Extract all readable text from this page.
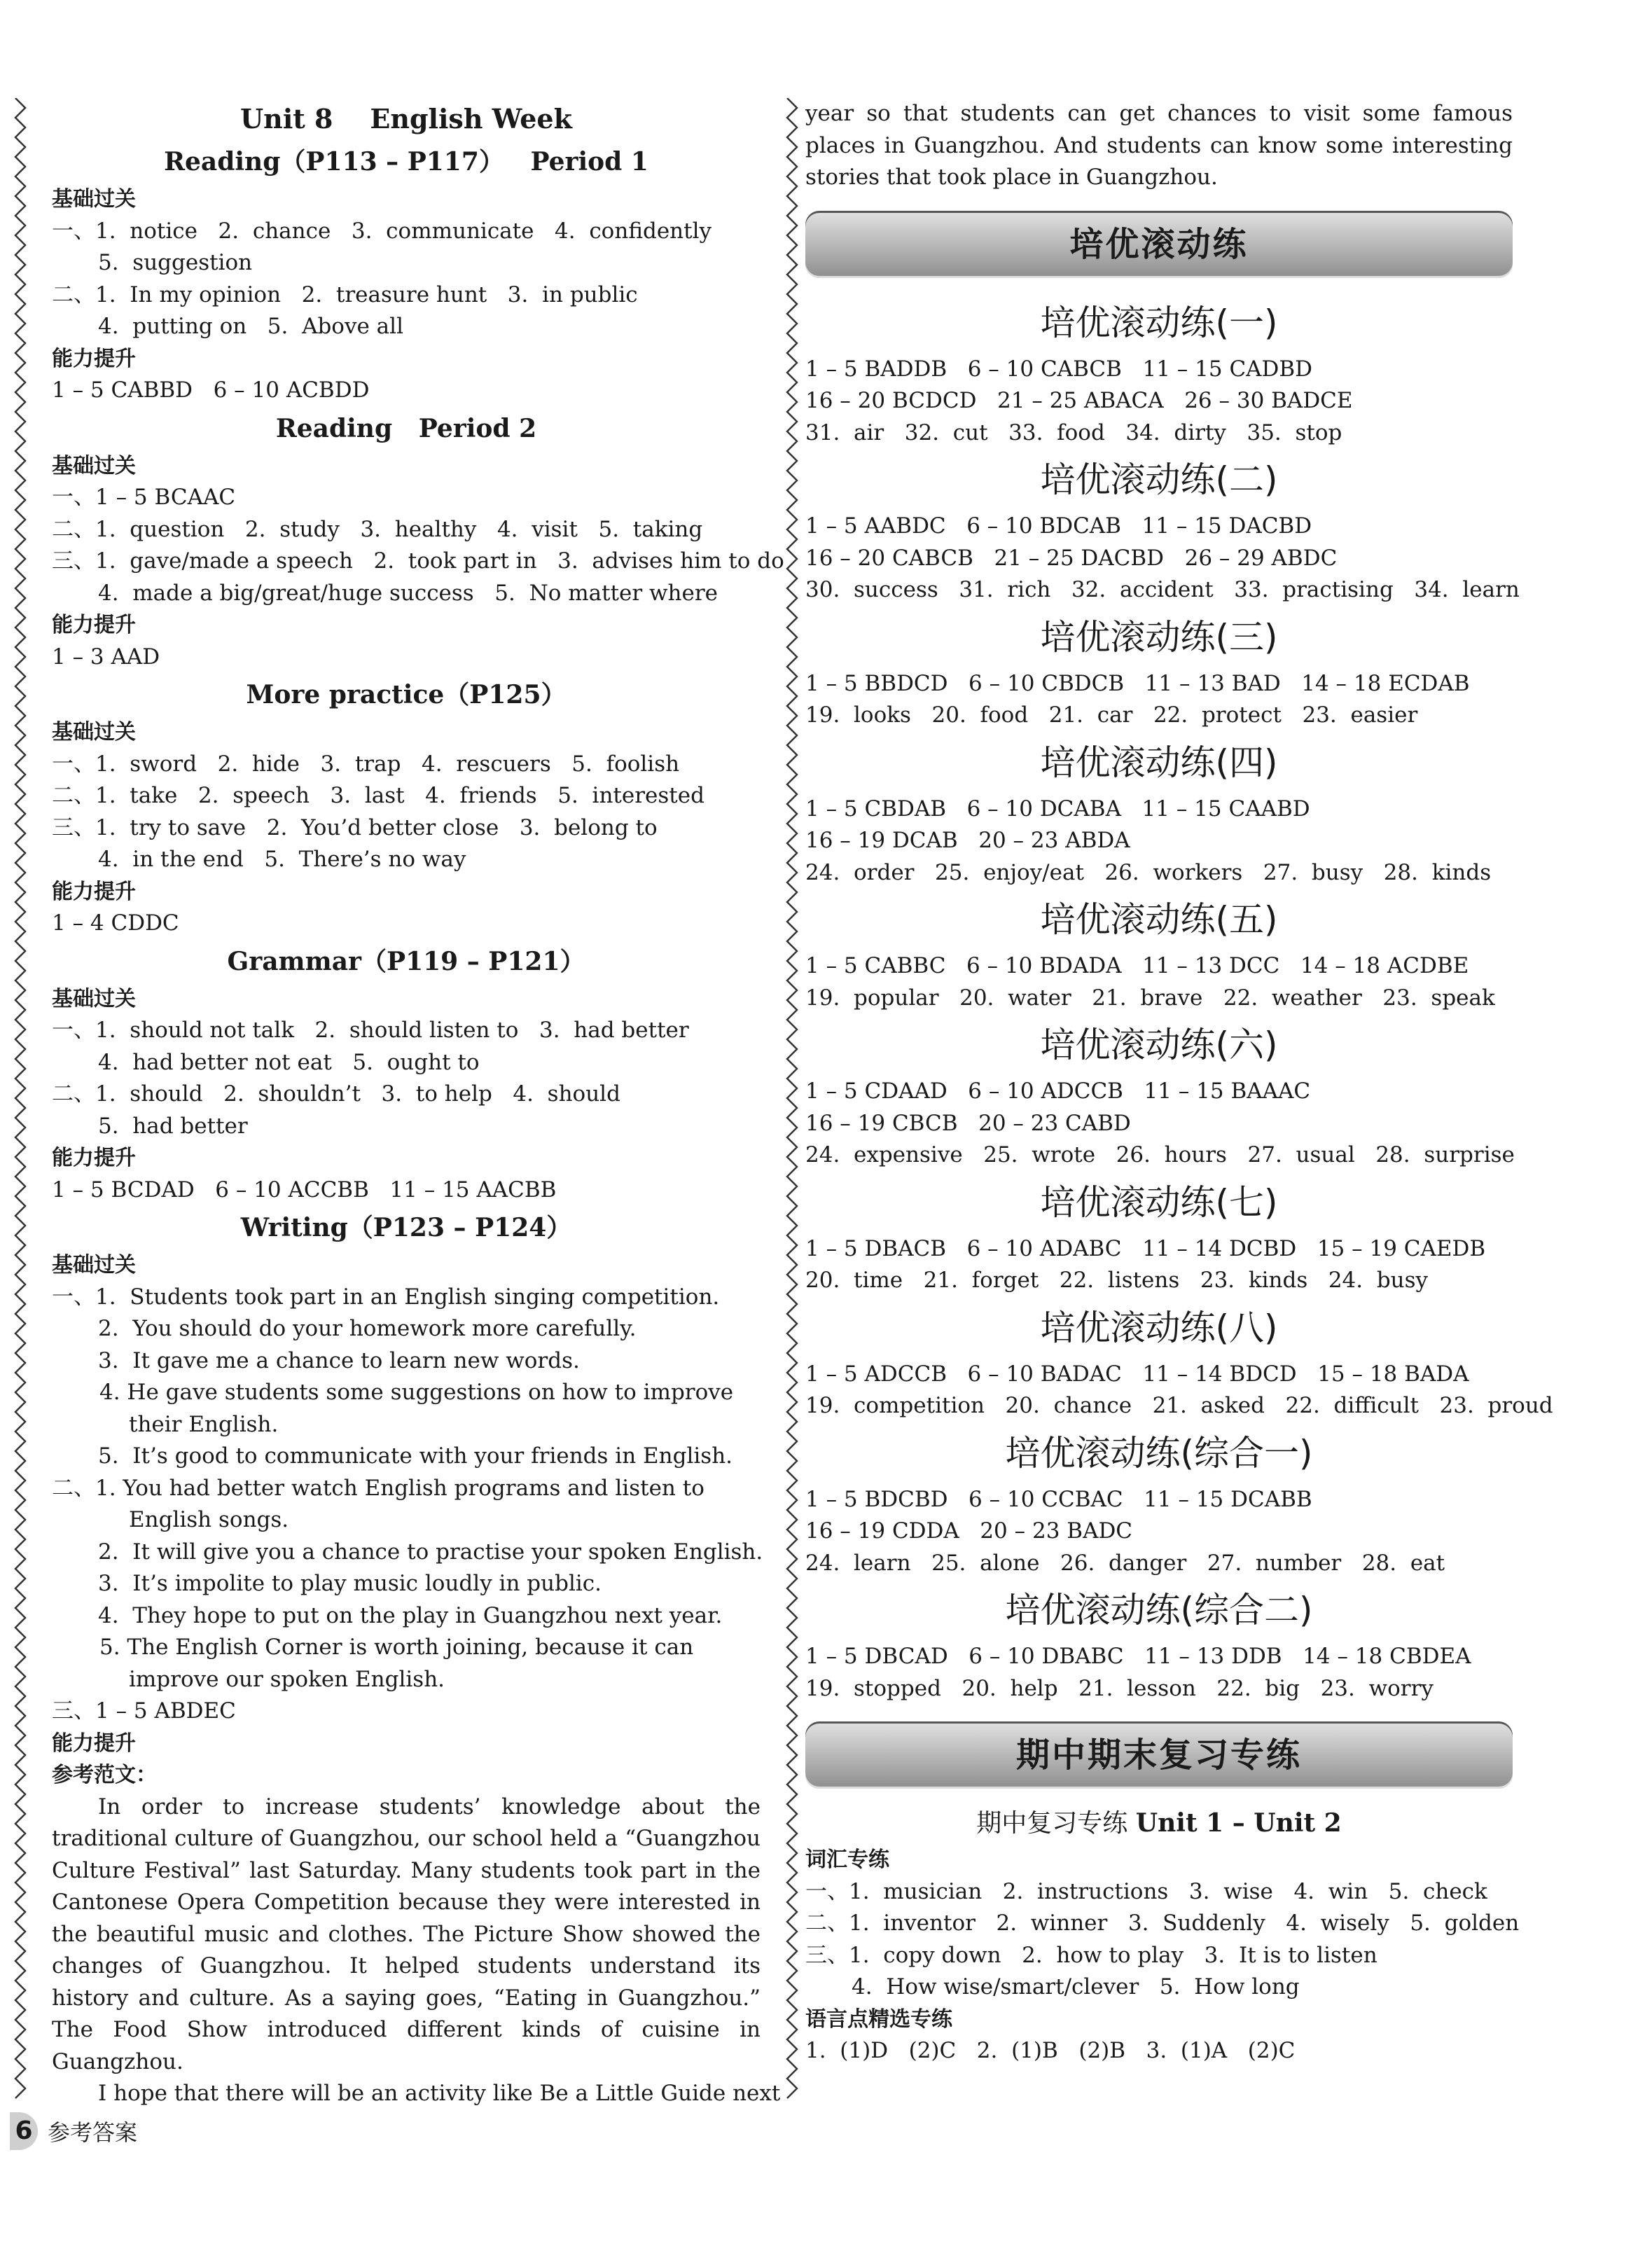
Unit 8    English Week
Reading（P113 – P117）   Period 1
基础过关
一、1.  notice   2.  chance   3.  communicate   4.  confidently
5.  suggestion
二、1.  In my opinion   2.  treasure hunt   3.  in public
4.  putting on   5.  Above all
能力提升
1 – 5 CABBD   6 – 10 ACBDD
Reading   Period 2
基础过关
一、1 – 5 BCAAC
二、1.  question   2.  study   3.  healthy   4.  visit   5.  taking
三、1.  gave/made a speech   2.  took part in   3.  advises him to do
4.  made a big/great/huge success   5.  No matter where
能力提升
1 – 3 AAD
More practice（P125）
基础过关
一、1.  sword   2.  hide   3.  trap   4.  rescuers   5.  foolish
二、1.  take   2.  speech   3.  last   4.  friends   5.  interested
三、1.  try to save   2.  You’d better close   3.  belong to
4.  in the end   5.  There’s no way
能力提升
1 – 4 CDDC
Grammar（P119 – P121）
基础过关
一、1.  should not talk   2.  should listen to   3.  had better
4.  had better not eat   5.  ought to
二、1.  should   2.  shouldn’t   3.  to help   4.  should
5.  had better
能力提升
1 – 5 BCDAD   6 – 10 ACCBB   11 – 15 AACBB
Writing（P123 – P124）
基础过关
一、1.  Students took part in an English singing competition.
2.  You should do your homework more carefully.
3.  It gave me a chance to learn new words.
4. He gave students some suggestions on how to improve their English.
5.  It’s good to communicate with your friends in English.
二、1. You had better watch English programs and listen to English songs.
2.  It will give you a chance to practise your spoken English.
3.  It’s impolite to play music loudly in public.
4.  They hope to put on the play in Guangzhou next year.
5. The English Corner is worth joining, because it can improve our spoken English.
三、1 – 5 ABDEC
能力提升
参考范文：
In order to increase students’ knowledge about the traditional culture of Guangzhou, our school held a “Guangzhou Culture Festival” last Saturday. Many students took part in the Cantonese Opera Competition because they were interested in the beautiful music and clothes. The Picture Show showed the changes of Guangzhou. It helped students understand its history and culture. As a saying goes, “Eating in Guangzhou.” The Food Show introduced different kinds of cuisine in Guangzhou.
I hope that there will be an activity like Be a Little Guide next
year so that students can get chances to visit some famous places in Guangzhou. And students can know some interesting stories that took place in Guangzhou.
培优滚动练
培优滚动练(一)
1 – 5 BADDB   6 – 10 CABCB   11 – 15 CADBD
16 – 20 BCDCD   21 – 25 ABACA   26 – 30 BADCE
31.  air   32.  cut   33.  food   34.  dirty   35.  stop
培优滚动练(二)
1 – 5 AABDC   6 – 10 BDCAB   11 – 15 DACBD
16 – 20 CABCB   21 – 25 DACBD   26 – 29 ABDC
30.  success   31.  rich   32.  accident   33.  practising   34.  learn
培优滚动练(三)
1 – 5 BBDCD   6 – 10 CBDCB   11 – 13 BAD   14 – 18 ECDAB
19.  looks   20.  food   21.  car   22.  protect   23.  easier
培优滚动练(四)
1 – 5 CBDAB   6 – 10 DCABA   11 – 15 CAABD
16 – 19 DCAB   20 – 23 ABDA
24.  order   25.  enjoy/eat   26.  workers   27.  busy   28.  kinds
培优滚动练(五)
1 – 5 CABBC   6 – 10 BDADA   11 – 13 DCC   14 – 18 ACDBE
19.  popular   20.  water   21.  brave   22.  weather   23.  speak
培优滚动练(六)
1 – 5 CDAAD   6 – 10 ADCCB   11 – 15 BAAAC
16 – 19 CBCB   20 – 23 CABD
24.  expensive   25.  wrote   26.  hours   27.  usual   28.  surprise
培优滚动练(七)
1 – 5 DBACB   6 – 10 ADABC   11 – 14 DCBD   15 – 19 CAEDB
20.  time   21.  forget   22.  listens   23.  kinds   24.  busy
培优滚动练(八)
1 – 5 ADCCB   6 – 10 BADAC   11 – 14 BDCD   15 – 18 BADA
19.  competition   20.  chance   21.  asked   22.  difficult   23.  proud
培优滚动练(综合一)
1 – 5 BDCBD   6 – 10 CCBAC   11 – 15 DCABB
16 – 19 CDDA   20 – 23 BADC
24.  learn   25.  alone   26.  danger   27.  number   28.  eat
培优滚动练(综合二)
1 – 5 DBCAD   6 – 10 DBABC   11 – 13 DDB   14 – 18 CBDEA
19.  stopped   20.  help   21.  lesson   22.  big   23.  worry
期中期末复习专练
期中复习专练 Unit 1 – Unit 2
词汇专练
一、1.  musician   2.  instructions   3.  wise   4.  win   5.  check
二、1.  inventor   2.  winner   3.  Suddenly   4.  wisely   5.  golden
三、1.  copy down   2.  how to play   3.  It is to listen
4.  How wise/smart/clever   5.  How long
语言点精选专练
1.  (1)D   (2)C   2.  (1)B   (2)B   3.  (1)A   (2)C
6 参考答案
